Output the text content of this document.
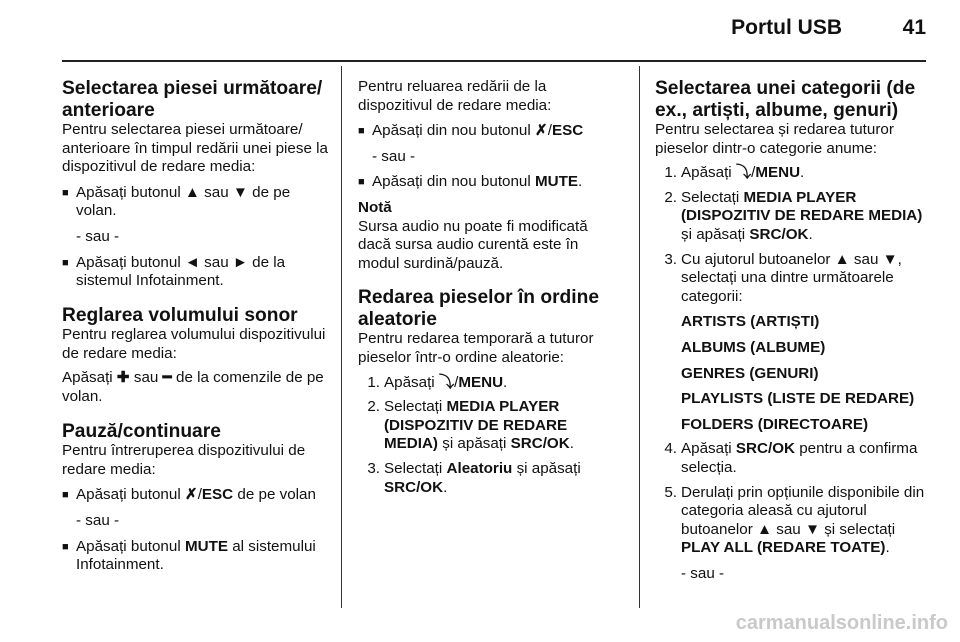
Portul USB	41
Selectarea piesei următoare/ anterioare

Pentru selectarea piesei următoare/ anterioare în timpul redării unei piese la dispozitivul de redare media:

■ Apăsați butonul ▲ sau ▼ de pe volan.
- sau -
■ Apăsați butonul ◄ sau ► de la sistemul Infotainment.
Reglarea volumului sonor

Pentru reglarea volumului dispozitivului de redare media:

Apăsați ✚ sau ━ de la comenzile de pe volan.

Pauză/continuare

Pentru întreruperea dispozitivului de redare media:

■ Apăsați butonul ✗/ESC de pe volan
- sau -
■ Apăsați butonul MUTE al sistemului Infotainment.

Pentru reluarea redării de la dispozitivul de redare media:

■ Apăsați din nou butonul ✗/ESC
- sau -
■ Apăsați din nou butonul MUTE.
Notă

Sursa audio nu poate fi modificată dacă sursa audio curentă este în modul surdină/pauză.

Redarea pieselor în ordine aleatorie

Pentru redarea temporară a tuturor pieselor într-o ordine aleatorie:

1. Apăsați ⤵/MENU.
2. Selectați MEDIA PLAYER (DISPOZITIV DE REDARE MEDIA) și apăsați SRC/OK.
3. Selectați Aleatoriu și apăsați SRC/OK.
Selectarea unei categorii (de ex., artiști, albume, genuri)

Pentru selectarea și redarea tuturor pieselor dintr-o categorie anume:

1. Apăsați ⤵/MENU.
2. Selectați MEDIA PLAYER (DISPOZITIV DE REDARE MEDIA) și apăsați SRC/OK.
3. Cu ajutorul butoanelor ▲ sau ▼, selectați una dintre următoarele categorii:
ARTISTS (ARTIȘTI)
ALBUMS (ALBUME)
GENRES (GENURI)
PLAYLISTS (LISTE DE REDARE)
FOLDERS (DIRECTOARE)
4. Apăsați SRC/OK pentru a confirma selecția.
5. Derulați prin opțiunile disponibile din categoria aleasă cu ajutorul butoanelor ▲ sau ▼ și selectați PLAY ALL (REDARE TOATE).
- sau -
carmanualsonline.info
